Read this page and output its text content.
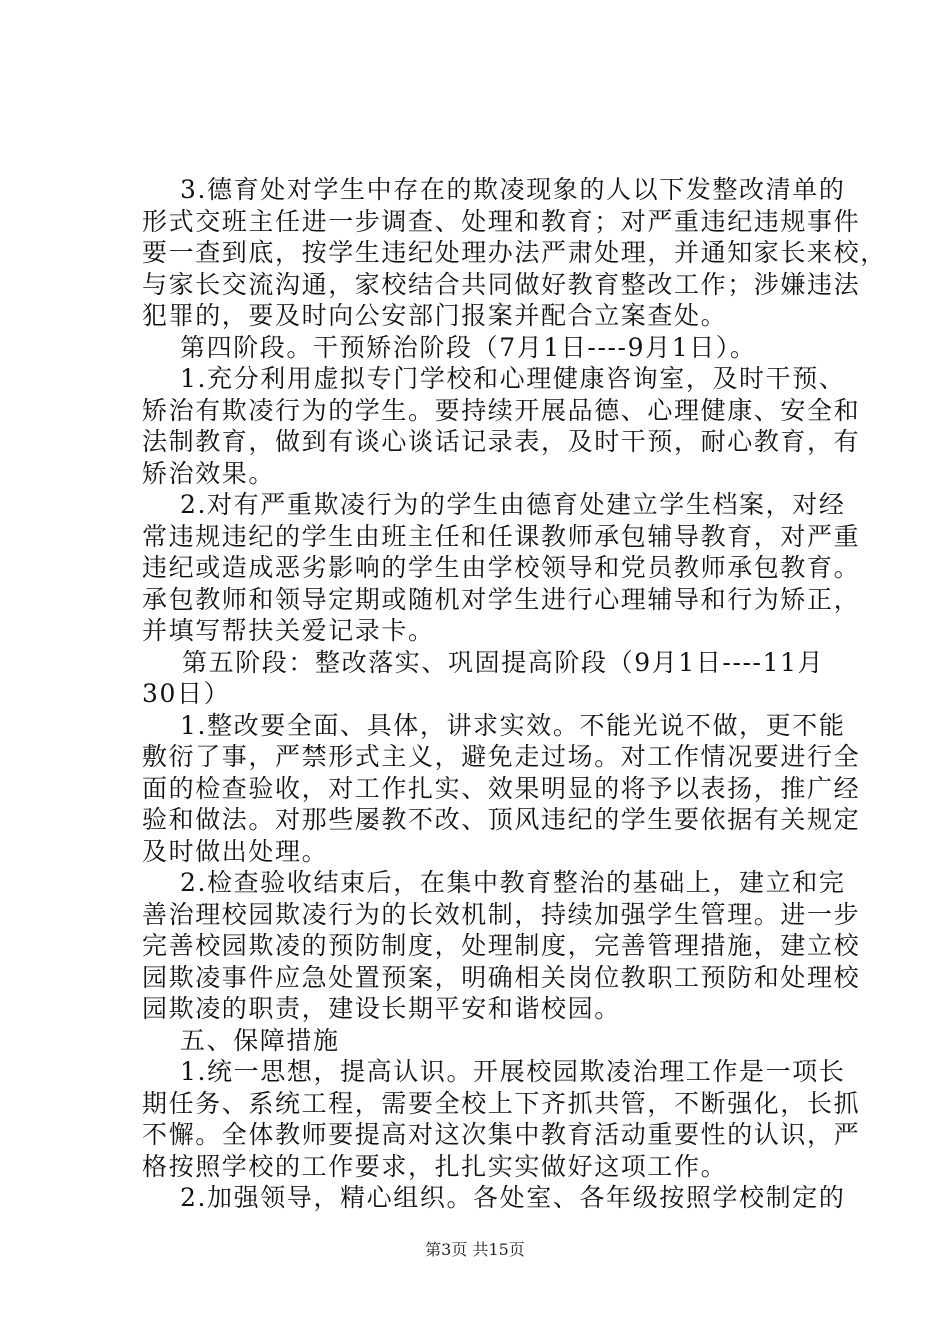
3.德育处对学生中存在的欺凌现象的人以下发整改清单的
形式交班主任进一步调查、处理和教育；对严重违纪违规事件
要一查到底，按学生违纪处理办法严肃处理，并通知家长来校，
与家长交流沟通，家校结合共同做好教育整改工作；涉嫌违法
犯罪的，要及时向公安部门报案并配合立案查处。
第四阶段。干预矫治阶段（7月1日----9月1日）。
1.充分利用虚拟专门学校和心理健康咨询室，及时干预、
矫治有欺凌行为的学生。要持续开展品德、心理健康、安全和
法制教育，做到有谈心谈话记录表，及时干预，耐心教育，有
矫治效果。
2.对有严重欺凌行为的学生由德育处建立学生档案，对经
常违规违纪的学生由班主任和任课教师承包辅导教育，对严重
违纪或造成恶劣影响的学生由学校领导和党员教师承包教育。
承包教师和领导定期或随机对学生进行心理辅导和行为矫正，
并填写帮扶关爱记录卡。
第五阶段：整改落实、巩固提高阶段（9月1日----11月
30日）
1.整改要全面、具体，讲求实效。不能光说不做，更不能
敷衍了事，严禁形式主义，避免走过场。对工作情况要进行全
面的检查验收，对工作扎实、效果明显的将予以表扬，推广经
验和做法。对那些屡教不改、顶风违纪的学生要依据有关规定
及时做出处理。
2.检查验收结束后，在集中教育整治的基础上，建立和完
善治理校园欺凌行为的长效机制，持续加强学生管理。进一步
完善校园欺凌的预防制度，处理制度，完善管理措施，建立校
园欺凌事件应急处置预案，明确相关岗位教职工预防和处理校
园欺凌的职责，建设长期平安和谐校园。
五、保障措施
1.统一思想，提高认识。开展校园欺凌治理工作是一项长
期任务、系统工程，需要全校上下齐抓共管，不断强化，长抓
不懈。全体教师要提高对这次集中教育活动重要性的认识，严
格按照学校的工作要求，扎扎实实做好这项工作。
2.加强领导，精心组织。各处室、各年级按照学校制定的
第3页 共15页
